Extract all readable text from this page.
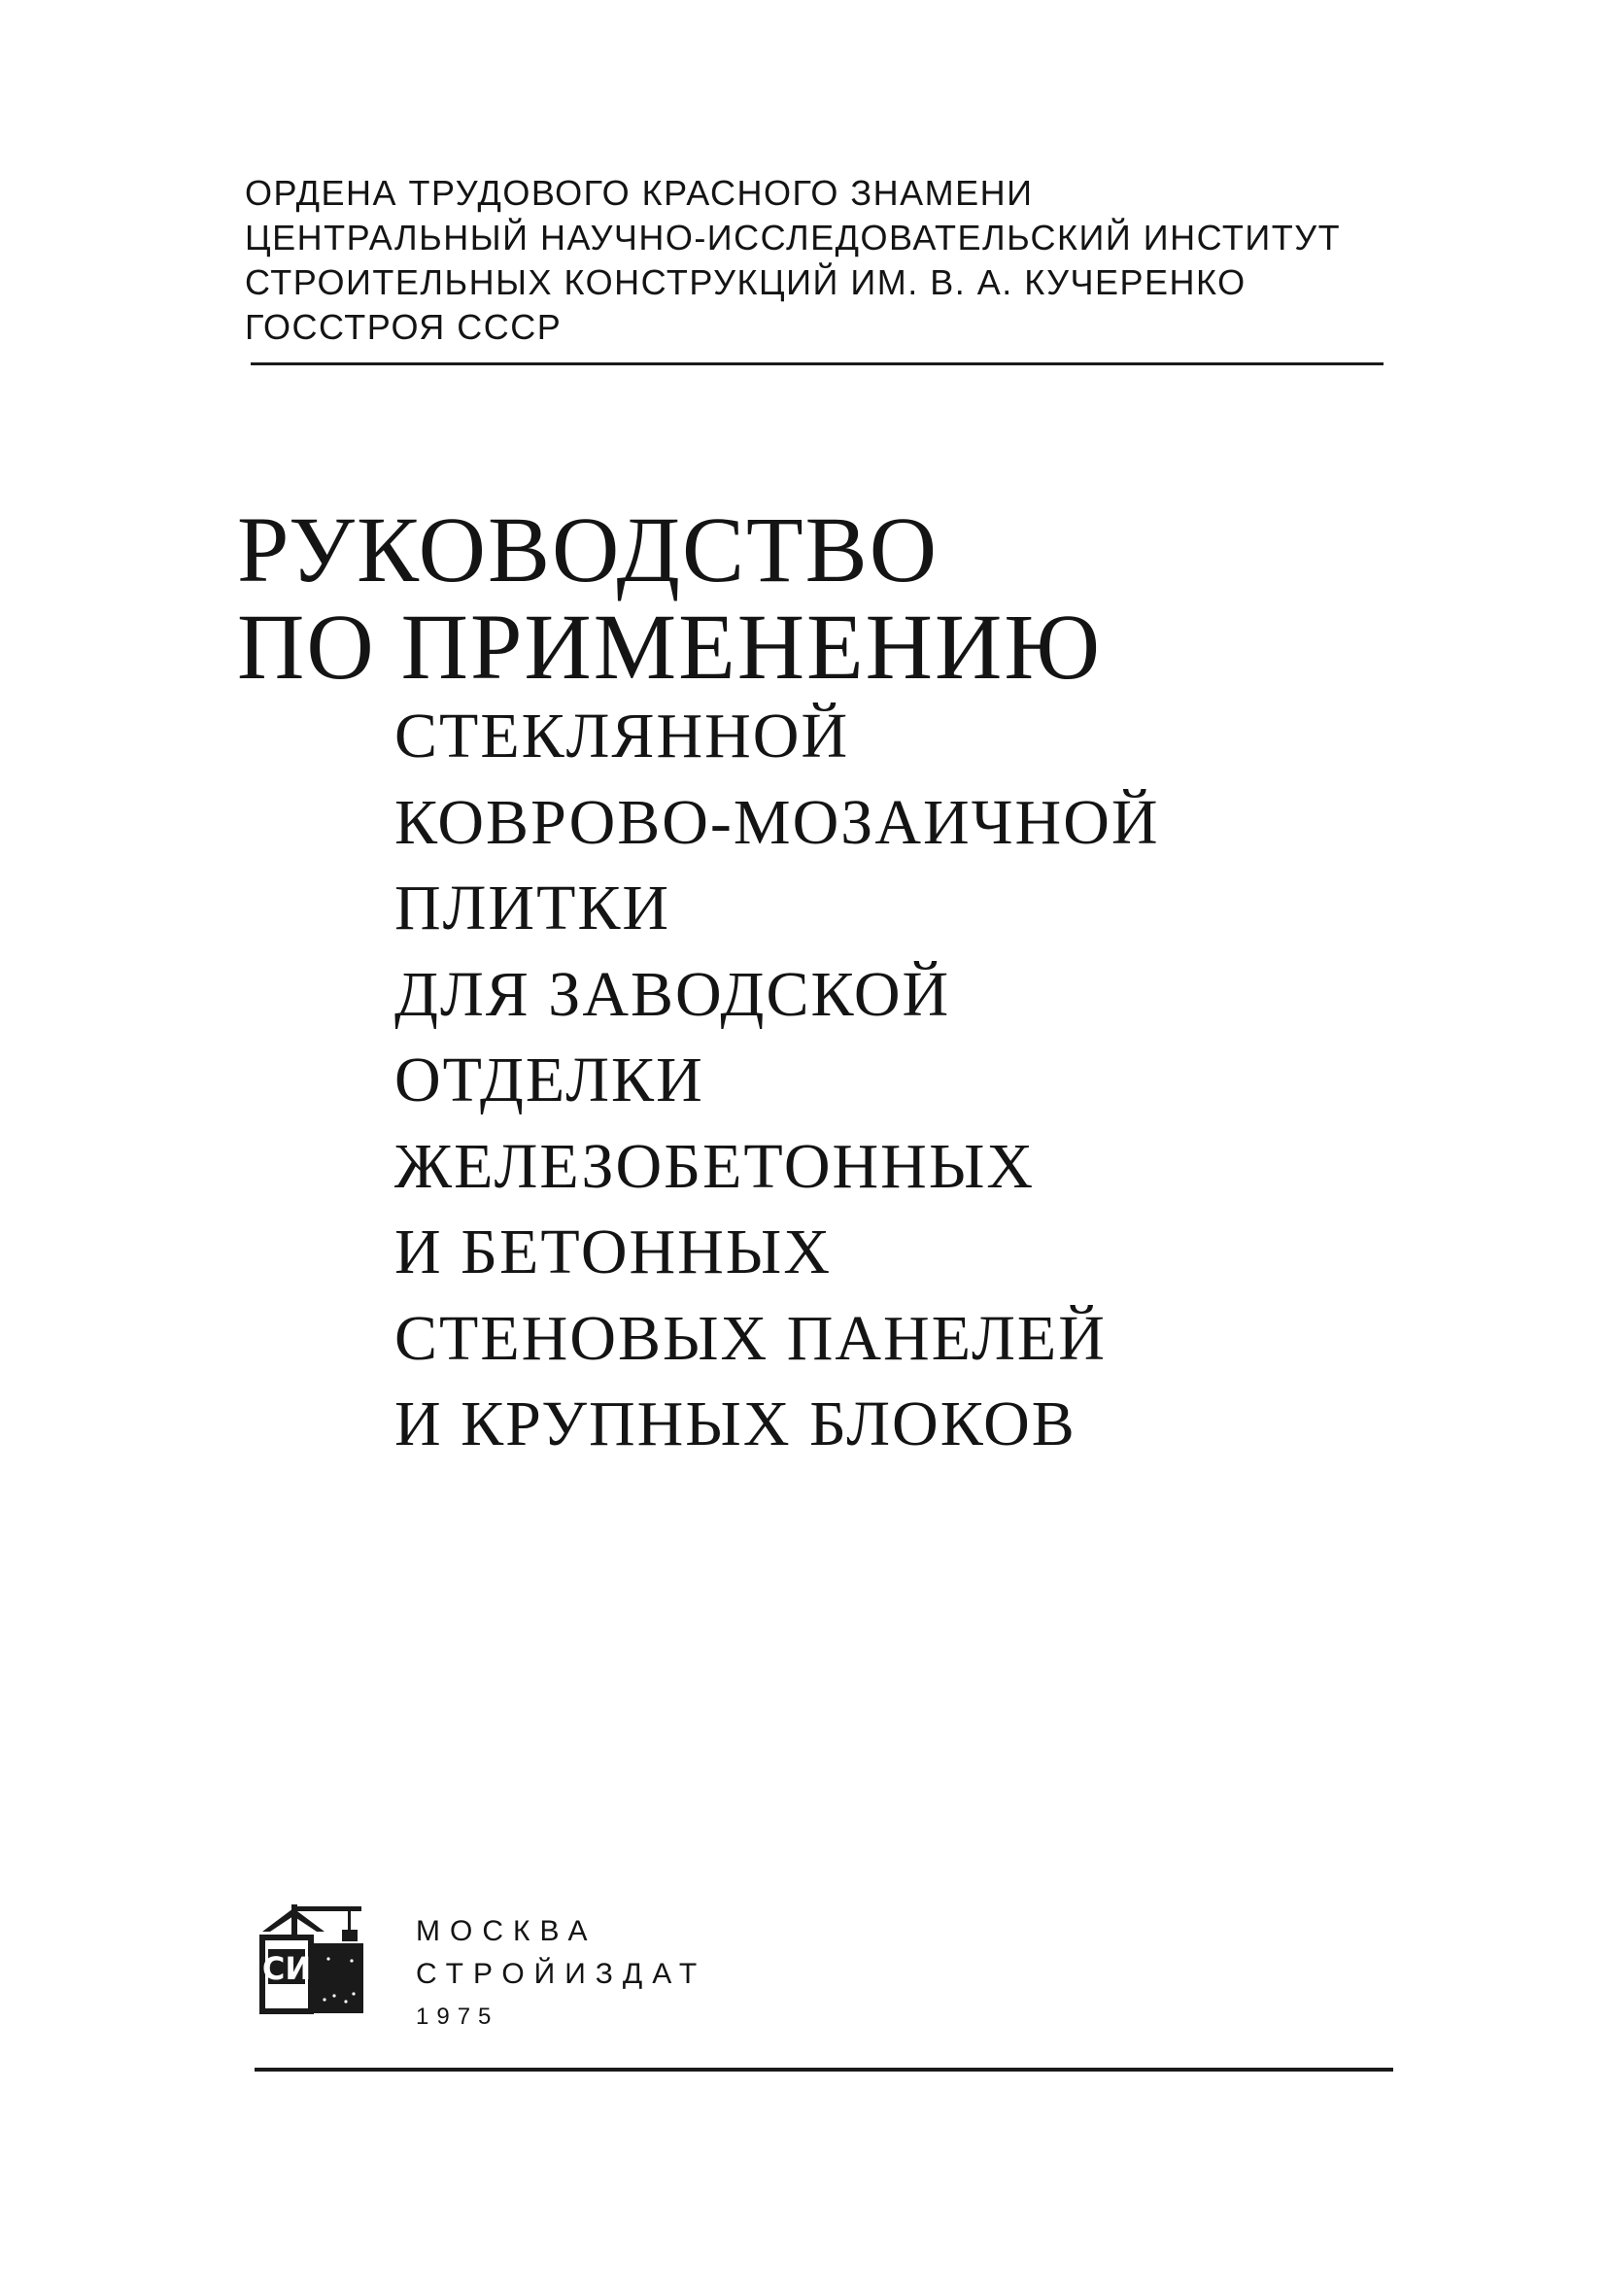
ОРДЕНА ТРУДОВОГО КРАСНОГО ЗНАМЕНИ
ЦЕНТРАЛЬНЫЙ НАУЧНО-ИССЛЕДОВАТЕЛЬСКИЙ ИНСТИТУТ
СТРОИТЕЛЬНЫХ КОНСТРУКЦИЙ ИМ. В. А. КУЧЕРЕНКО
ГОССТРОЯ СССР
РУКОВОДСТВО
ПО ПРИМЕНЕНИЮ
СТЕКЛЯННОЙ
КОВРОВО-МОЗАИЧНОЙ
ПЛИТКИ
ДЛЯ ЗАВОДСКОЙ
ОТДЕЛКИ
ЖЕЛЕЗОБЕТОННЫХ
И БЕТОННЫХ
СТЕНОВЫХ ПАНЕЛЕЙ
И КРУПНЫХ БЛОКОВ
СИ
МОСКВА
СТРОЙИЗДАТ
1975
